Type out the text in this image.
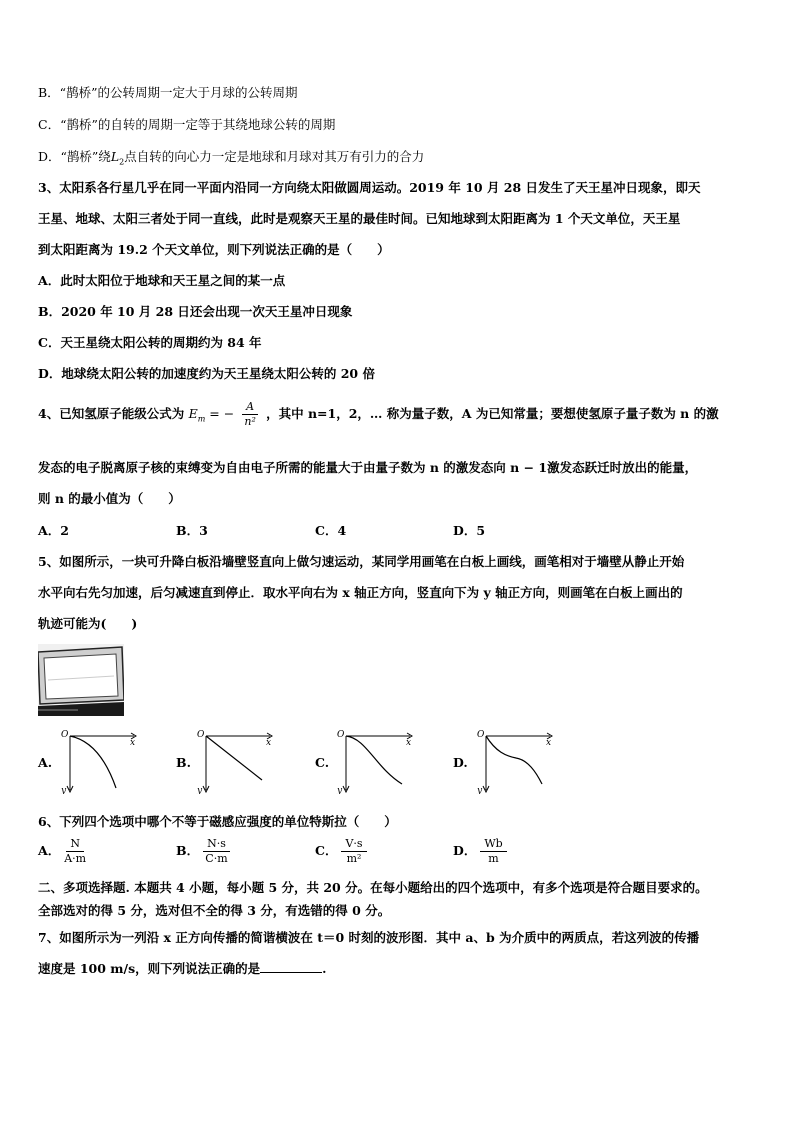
B．“鹊桥”的公转周期一定大于月球的公转周期
C．“鹊桥”的自转的周期一定等于其绕地球公转的周期
D．“鹊桥”绕$L_2$点自转的向心力一定是地球和月球对其万有引力的合力
3、太阳系各行星几乎在同一平面内沿同一方向绕太阳做圆周运动。2019 年 10 月 28 日发生了天王星冲日现象，即天
王星、地球、太阳三者处于同一直线，此时是观察天王星的最佳时间。已知地球到太阳距离为 1 个天文单位，天王星
到太阳距离为 19.2 个天文单位，则下列说法正确的是（　　）
A．此时太阳位于地球和天王星之间的某一点
B．2020 年 10 月 28 日还会出现一次天王星冲日现象
C．天王星绕太阳公转的周期约为 84 年
D．地球绕太阳公转的加速度约为天王星绕太阳公转的 20 倍
4、已知氢原子能级公式为 $E_m$ = − $\frac{A}{\text{n²}}$ ，其中 n=1，2，… 称为量子数，A 为已知常量；要想使氢原子量子数为 n 的激
发态的电子脱离原子核的束缚变为自由电子所需的能量大于由量子数为 n 的激发态向 n − 1激发态跃迁时放出的能量，
则 n 的最小值为（　　）
A．2	B．3	C．4	D．5
5、如图所示，一块可升降白板沿墙壁竖直向上做匀速运动，某同学用画笔在白板上画线，画笔相对于墙壁从静止开始
水平向右先匀加速，后匀减速直到停止．取水平向右为 x 轴正方向，竖直向下为 y 轴正方向，则画笔在白板上画出的
轨迹可能为(　　)
A.	B.	C.	D.
O
x
y
O
x
y
O
x
y
O
x
y
6、下列四个选项中哪个不等于磁感应强度的单位特斯拉（　　）
A． $\frac{N}{A\cdot m}$	B． $\frac{N\cdot s}{C\cdot m}$	C． $\frac{V\cdot s}{\text{m²}}$	D． $\frac{Wb}{m}$
二、多项选择题. 本题共 4 小题，每小题 5 分，共 20 分。在每小题给出的四个选项中，有多个选项是符合题目要求的。
全部选对的得 5 分，选对但不全的得 3 分，有选错的得 0 分。
7、如图所示为一列沿 x 正方向传播的简谐横波在 t＝0 时刻的波形图．其中 a、b 为介质中的两质点，若这列波的传播
速度是 100 m/s，则下列说法正确的是	.
